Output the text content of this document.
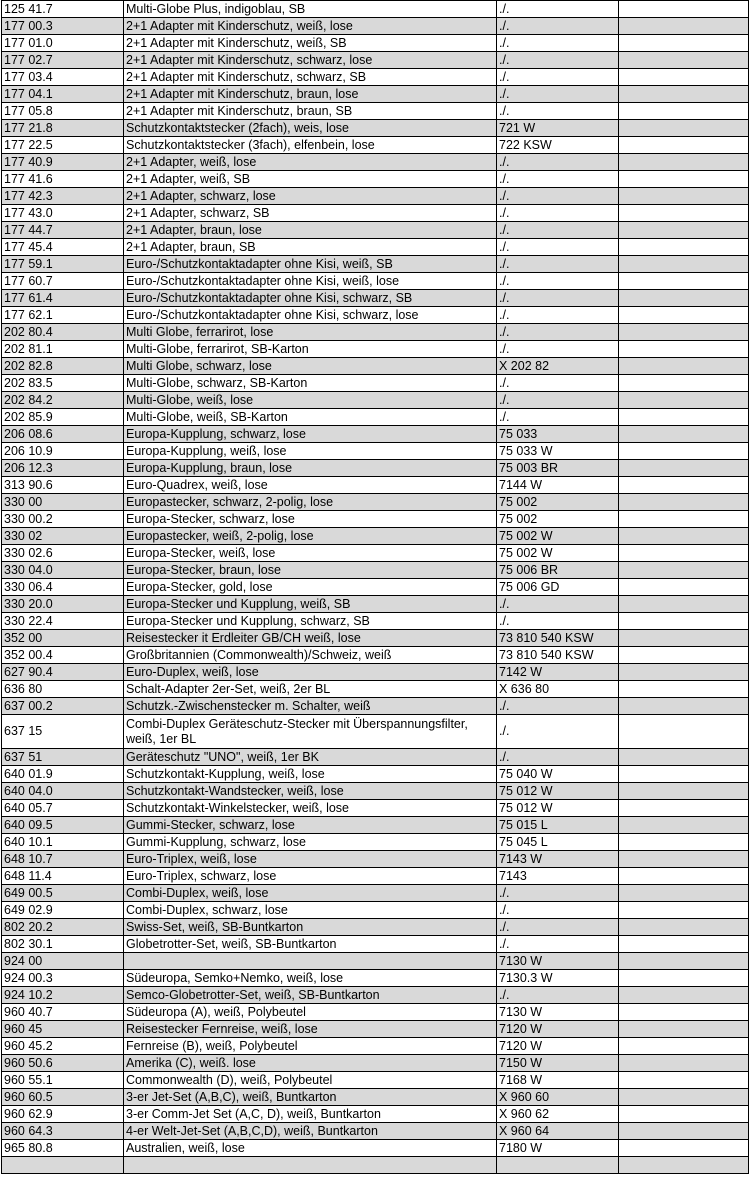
125 41.7	Multi-Globe Plus, indigoblau, SB	./.	
177 00.3	2+1 Adapter mit Kinderschutz, weiß, lose	./.	
177 01.0	2+1 Adapter mit Kinderschutz, weiß, SB	./.	
177 02.7	2+1 Adapter mit Kinderschutz, schwarz, lose	./.	
177 03.4	2+1 Adapter mit Kinderschutz, schwarz, SB	./.	
177 04.1	2+1 Adapter mit Kinderschutz, braun, lose	./.	
177 05.8	2+1 Adapter mit Kinderschutz, braun, SB	./.	
177 21.8	Schutzkontaktstecker (2fach), weis, lose	721 W	
177 22.5	Schutzkontaktstecker (3fach), elfenbein, lose	722 KSW	
177 40.9	2+1 Adapter, weiß, lose	./.	
177 41.6	2+1 Adapter, weiß, SB	./.	
177 42.3	2+1 Adapter, schwarz, lose	./.	
177 43.0	2+1 Adapter, schwarz, SB	./.	
177 44.7	2+1 Adapter, braun, lose	./.	
177 45.4	2+1 Adapter, braun, SB	./.	
177 59.1	Euro-/Schutzkontaktadapter ohne Kisi, weiß, SB	./.	
177 60.7	Euro-/Schutzkontaktadapter ohne Kisi, weiß, lose	./.	
177 61.4	Euro-/Schutzkontaktadapter ohne Kisi, schwarz, SB	./.	
177 62.1	Euro-/Schutzkontaktadapter ohne Kisi, schwarz, lose	./.	
202 80.4	Multi Globe, ferrarirot, lose	./.	
202 81.1	Multi-Globe, ferrarirot, SB-Karton	./.	
202 82.8	Multi Globe, schwarz, lose	X 202 82	
202 83.5	Multi-Globe, schwarz, SB-Karton	./.	
202 84.2	Multi-Globe, weiß, lose	./.	
202 85.9	Multi-Globe, weiß, SB-Karton	./.	
206 08.6	Europa-Kupplung, schwarz, lose	75 033	
206 10.9	Europa-Kupplung, weiß, lose	75 033 W	
206 12.3	Europa-Kupplung, braun, lose	75 003 BR	
313 90.6	Euro-Quadrex, weiß, lose	7144 W	
330 00	Europastecker, schwarz, 2-polig, lose	75 002	
330 00.2	Europa-Stecker, schwarz, lose	75 002	
330 02	Europastecker, weiß, 2-polig, lose	75 002 W	
330 02.6	Europa-Stecker, weiß, lose	75 002 W	
330 04.0	Europa-Stecker, braun, lose	75 006 BR	
330 06.4	Europa-Stecker, gold, lose	75 006 GD	
330 20.0	Europa-Stecker und Kupplung, weiß, SB	./.	
330 22.4	Europa-Stecker und Kupplung, schwarz, SB	./.	
352 00	Reisestecker it Erdleiter GB/CH weiß, lose	73 810 540 KSW	
352 00.4	Großbritannien (Commonwealth)/Schweiz, weiß	73 810 540 KSW	
627 90.4	Euro-Duplex, weiß, lose	7142 W	
636 80	Schalt-Adapter 2er-Set, weiß, 2er BL	X 636 80	
637 00.2	Schutzk.-Zwischenstecker m. Schalter, weiß	./.	
637 15	Combi-Duplex Geräteschutz-Stecker mit Überspannungsfilter, weiß, 1er BL	./.	
637 51	Geräteschutz "UNO", weiß, 1er BK	./.	
640 01.9	Schutzkontakt-Kupplung, weiß, lose	75 040 W	
640 04.0	Schutzkontakt-Wandstecker, weiß, lose	75 012 W	
640 05.7	Schutzkontakt-Winkelstecker, weiß, lose	75 012 W	
640 09.5	Gummi-Stecker, schwarz, lose	75 015 L	
640 10.1	Gummi-Kupplung, schwarz, lose	75 045 L	
648 10.7	Euro-Triplex, weiß, lose	7143 W	
648 11.4	Euro-Triplex, schwarz, lose	7143	
649 00.5	Combi-Duplex, weiß, lose	./.	
649 02.9	Combi-Duplex, schwarz, lose	./.	
802 20.2	Swiss-Set, weiß, SB-Buntkarton	./.	
802 30.1	Globetrotter-Set, weiß, SB-Buntkarton	./.	
924 00		7130 W	
924 00.3	Südeuropa, Semko+Nemko, weiß, lose	7130.3 W	
924 10.2	Semco-Globetrotter-Set, weiß, SB-Buntkarton	./.	
960 40.7	Südeuropa (A), weiß, Polybeutel	7130 W	
960 45	Reisestecker Fernreise, weiß, lose	7120 W	
960 45.2	Fernreise (B), weiß, Polybeutel	7120 W	
960 50.6	Amerika (C), weiß. lose	7150 W	
960 55.1	Commonwealth (D), weiß, Polybeutel	7168 W	
960 60.5	3-er Jet-Set (A,B,C), weiß, Buntkarton	X 960 60	
960 62.9	3-er Comm-Jet Set (A,C, D), weiß, Buntkarton	X 960 62	
960 64.3	4-er Welt-Jet-Set (A,B,C,D), weiß, Buntkarton	X 960 64	
965 80.8	Australien, weiß, lose	7180 W	
